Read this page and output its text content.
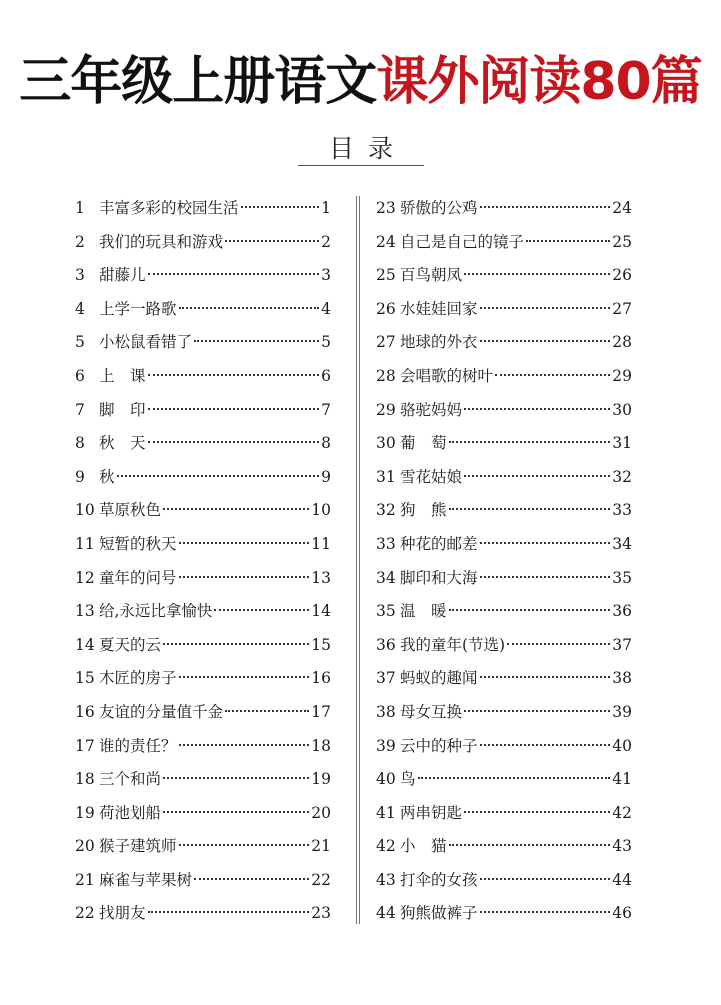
三年级上册语文课外阅读80篇
目录
1 丰富多彩的校园生活	1
2 我们的玩具和游戏	2
3 甜藤儿	3
4 上学一路歌	4
5 小松鼠看错了	5
6 上　课	6
7 脚　印	7
8 秋　天	8
9 秋	9
10 草原秋色	10
11 短暂的秋天	11
12 童年的问号	13
13 给,永远比拿愉快	14
14 夏天的云	15
15 木匠的房子	16
16 友谊的分量值千金	17
17 谁的责任？	18
18 三个和尚	19
19 荷池划船	20
20 猴子建筑师	21
21 麻雀与苹果树	22
22 找朋友	23
23 骄傲的公鸡	24
24 自己是自己的镜子	25
25 百鸟朝凤	26
26 水娃娃回家	27
27 地球的外衣	28
28 会唱歌的树叶	29
29 骆驼妈妈	30
30 葡　萄	31
31 雪花姑娘	32
32 狗　熊	33
33 种花的邮差	34
34 脚印和大海	35
35 温　暖	36
36 我的童年(节选)	37
37 蚂蚁的趣闻	38
38 母女互换	39
39 云中的种子	40
40 鸟	41
41 两串钥匙	42
42 小　猫	43
43 打伞的女孩	44
44 狗熊做裤子	46
